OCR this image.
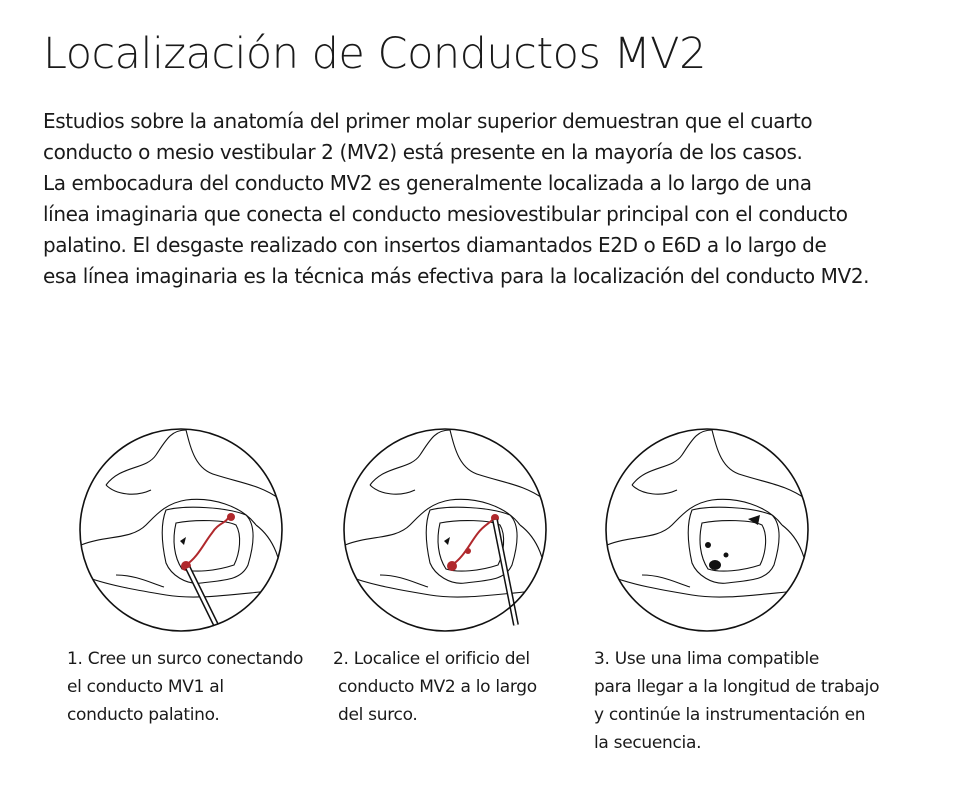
Localización de Conductos MV2
Estudios sobre la anatomía del primer molar superior demuestran que el cuarto
conducto o mesio vestibular 2 (MV2) está presente en la mayoría de los casos.
La embocadura del conducto MV2 es generalmente localizada a lo largo de una
línea imaginaria que conecta el conducto mesiovestibular principal con el conducto
palatino. El desgaste realizado con insertos diamantados E2D o E6D a lo largo de
esa línea imaginaria es la técnica más efectiva para la localización del conducto MV2.
1. Cree un surco conectando
el conducto MV1 al
conducto palatino.
2. Localice el orificio del
conducto MV2 a lo largo
del surco.
3. Use una lima compatible
para llegar a la longitud de trabajo
y continúe la instrumentación en
la secuencia.
